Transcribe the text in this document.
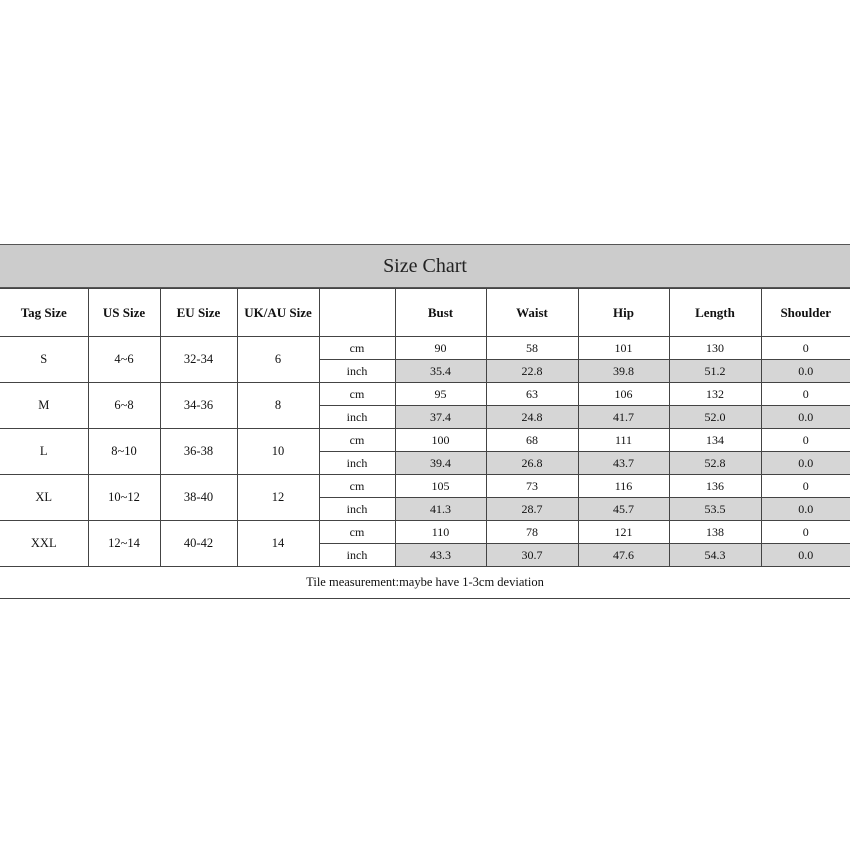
Size Chart
Tag Size	US Size	EU Size	UK/AU Size		Bust	Waist	Hip	Length	Shoulder
S	4~6	32-34	6	cm	90	58	101	130	0
				inch	35.4	22.8	39.8	51.2	0.0
M	6~8	34-36	8	cm	95	63	106	132	0
				inch	37.4	24.8	41.7	52.0	0.0
L	8~10	36-38	10	cm	100	68	111	134	0
				inch	39.4	26.8	43.7	52.8	0.0
XL	10~12	38-40	12	cm	105	73	116	136	0
				inch	41.3	28.7	45.7	53.5	0.0
XXL	12~14	40-42	14	cm	110	78	121	138	0
				inch	43.3	30.7	47.6	54.3	0.0
Tile measurement:maybe have 1-3cm deviation
